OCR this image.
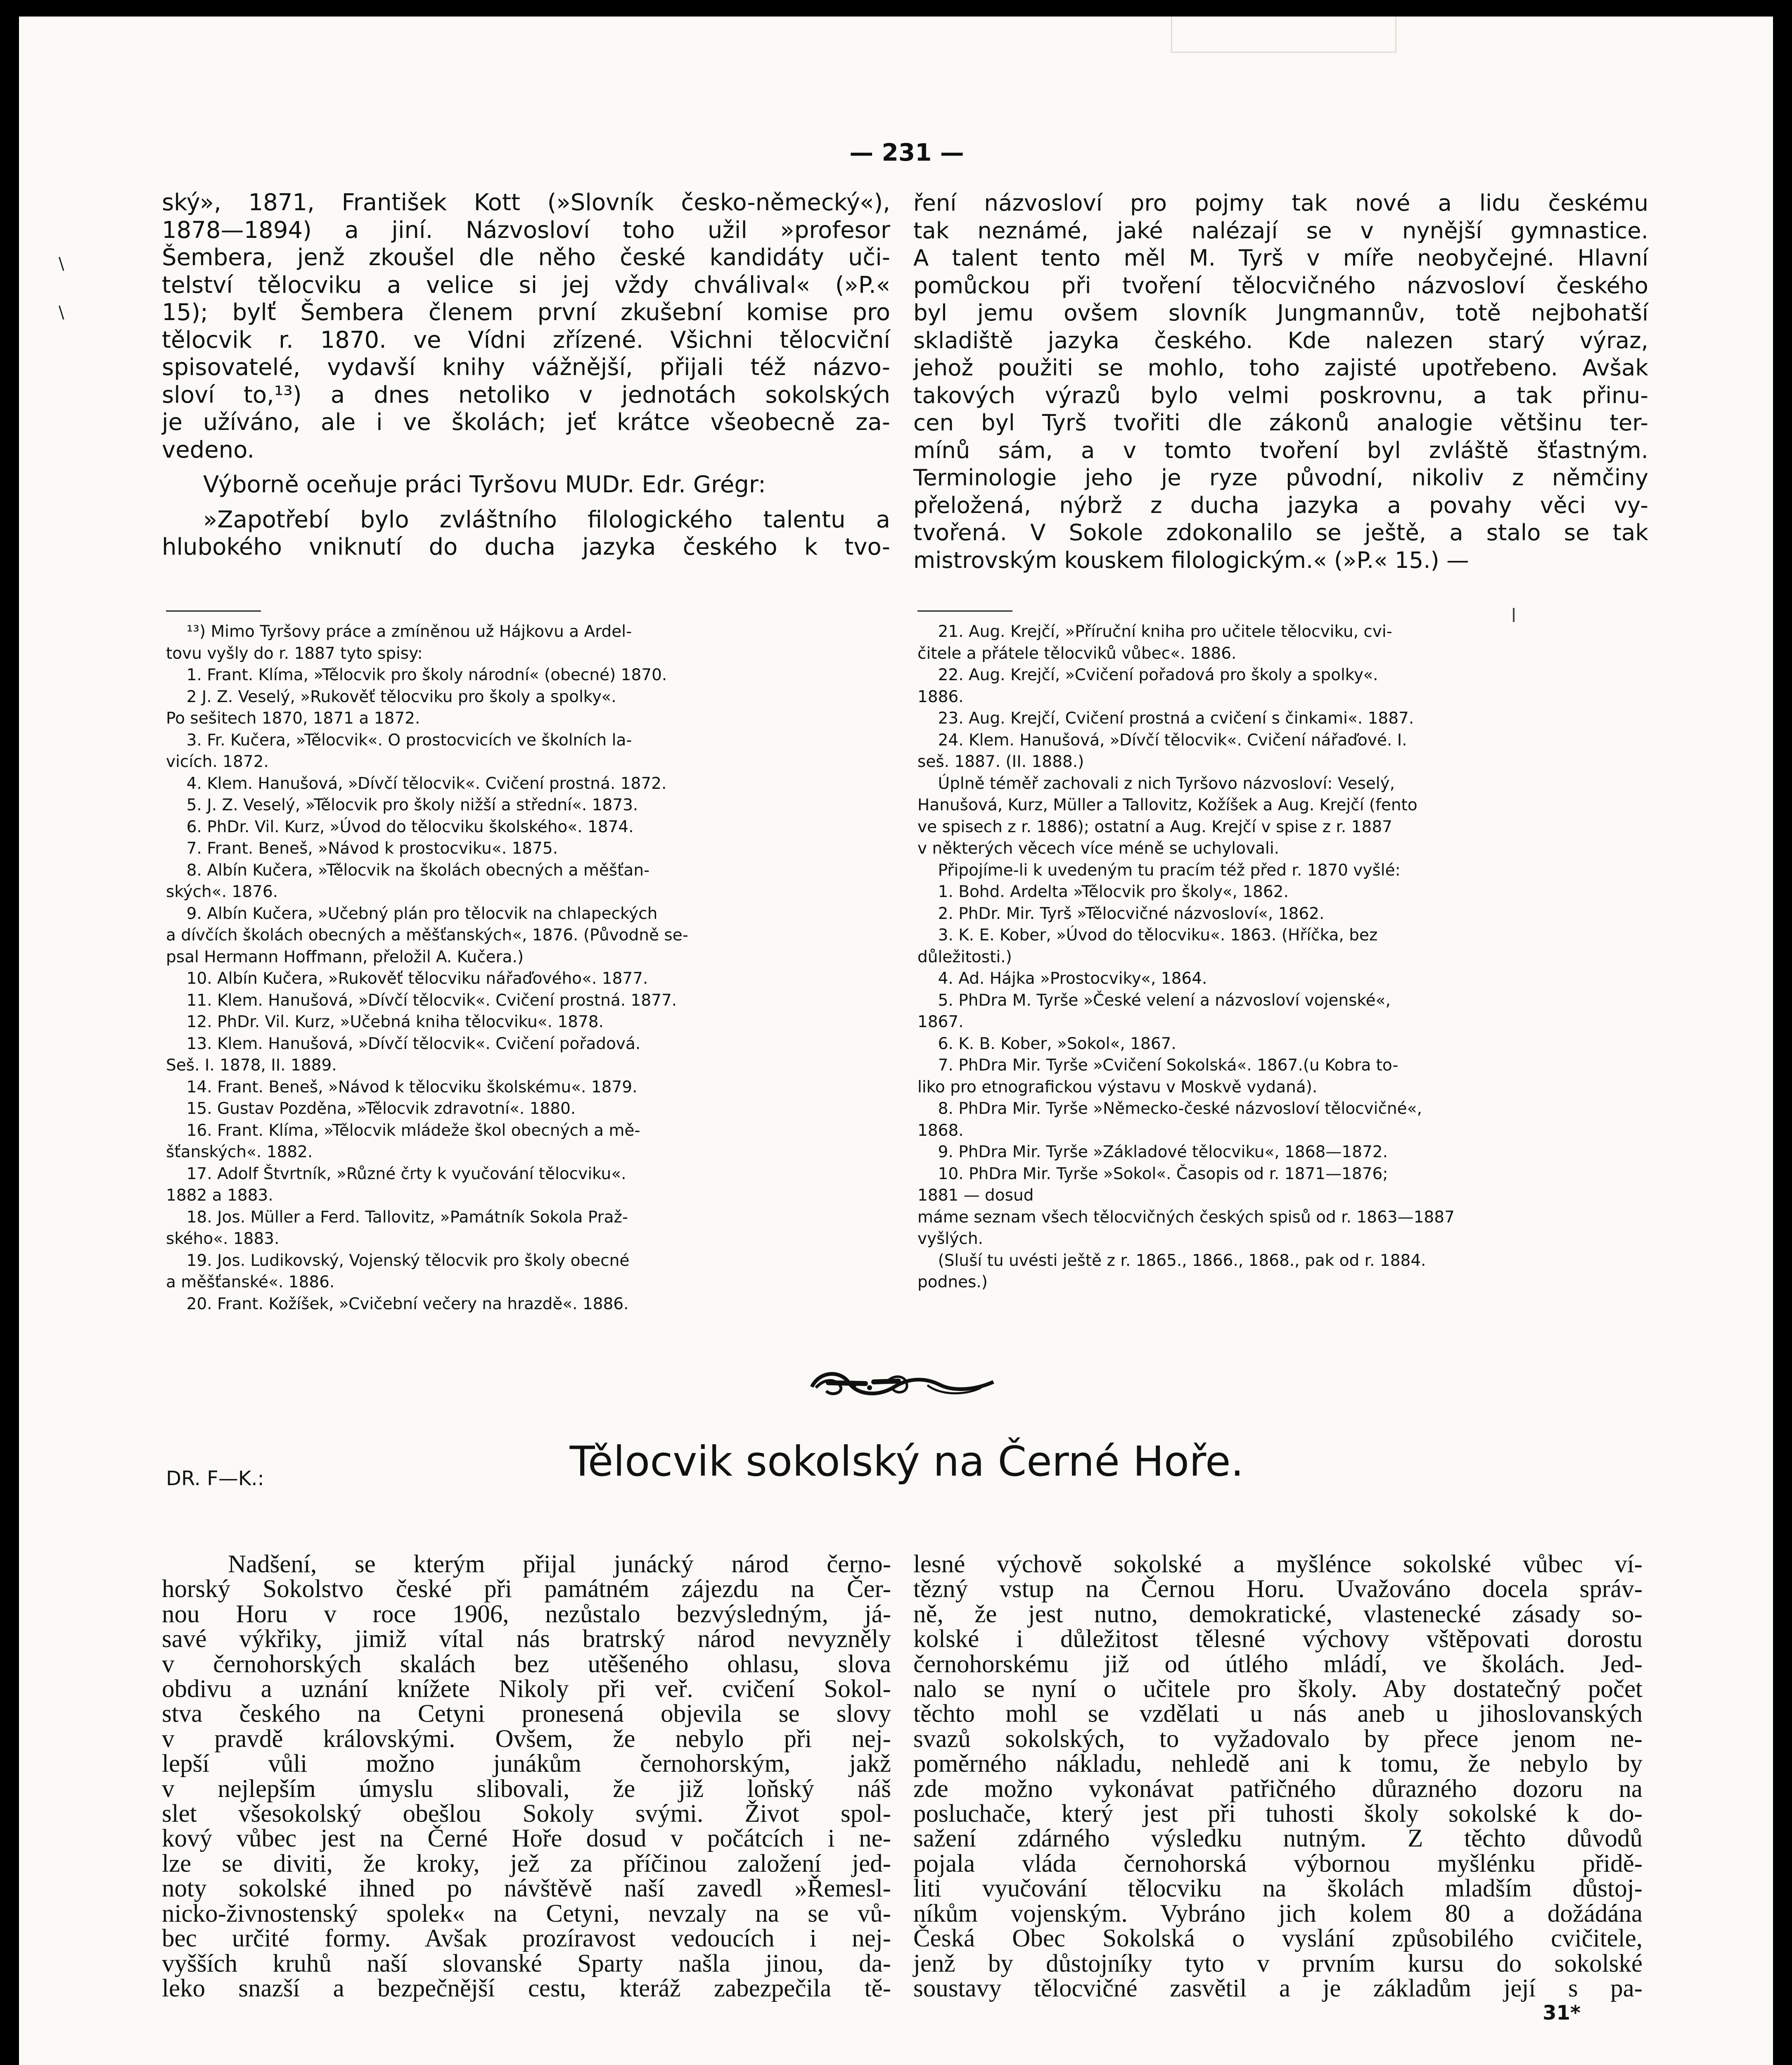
\
\
— 231 —
ský», 1871, František Kott (»Slovník česko-německý«),
1878—1894) a jiní. Názvosloví toho užil »profesor
Šembera, jenž zkoušel dle něho české kandidáty uči-
telství tělocviku a velice si jej vždy chválival« (»P.«
15); bylť Šembera členem první zkušební komise pro
tělocvik r. 1870. ve Vídni zřízené. Všichni tělocviční
spisovatelé, vydavší knihy vážnější, přijali též názvo-
sloví to,¹³) a dnes netoliko v jednotách sokolských
je užíváno, ale i ve školách; jeť krátce všeobecně za-
vedeno.
Výborně oceňuje práci Tyršovu MUDr. Edr. Grégr:
»Zapotřebí bylo zvláštního filologického talentu a
hlubokého vniknutí do ducha jazyka českého k tvo-
ření názvosloví pro pojmy tak nové a lidu českému
tak neznámé, jaké nalézají se v nynější gymnastice.
A talent tento měl M. Tyrš v míře neobyčejné. Hlavní
pomůckou při tvoření tělocvičného názvosloví českého
byl jemu ovšem slovník Jungmannův, totě nejbohatší
skladiště jazyka českého. Kde nalezen starý výraz,
jehož použiti se mohlo, toho zajisté upotřebeno. Avšak
takových výrazů bylo velmi poskrovnu, a tak přinu-
cen byl Tyrš tvořiti dle zákonů analogie většinu ter-
mínů sám, a v tomto tvoření byl zvláště šťastným.
Terminologie jeho je ryze původní, nikoliv z němčiny
přeložená, nýbrž z ducha jazyka a povahy věci vy-
tvořená. V Sokole zdokonalilo se ještě, a stalo se tak
mistrovským kouskem filologickým.« (»P.« 15.) —
¹³) Mimo Tyršovy práce a zmíněnou už Hájkovu a Ardel-
tovu vyšly do r. 1887 tyto spisy:
1. Frant. Klíma, »Tělocvik pro školy národní« (obecné) 1870.
2 J. Z. Veselý, »Rukověť tělocviku pro školy a spolky«.
Po sešitech 1870, 1871 a 1872.
3. Fr. Kučera, »Tělocvik«. O prostocvicích ve školních la-
vicích. 1872.
4. Klem. Hanušová, »Dívčí tělocvik«. Cvičení prostná. 1872.
5. J. Z. Veselý, »Tělocvik pro školy nižší a střední«. 1873.
6. PhDr. Vil. Kurz, »Úvod do tělocviku školského«. 1874.
7. Frant. Beneš, »Návod k prostocviku«. 1875.
8. Albín Kučera, »Tělocvik na školách obecných a měšťan-
ských«. 1876.
9. Albín Kučera, »Učebný plán pro tělocvik na chlapeckých
a dívčích školách obecných a měšťanských«, 1876. (Původně se-
psal Hermann Hoffmann, přeložil A. Kučera.)
10. Albín Kučera, »Rukověť tělocviku nářaďového«. 1877.
11. Klem. Hanušová, »Dívčí tělocvik«. Cvičení prostná. 1877.
12. PhDr. Vil. Kurz, »Učebná kniha tělocviku«. 1878.
13. Klem. Hanušová, »Dívčí tělocvik«. Cvičení pořadová.
Seš. I. 1878, II. 1889.
14. Frant. Beneš, »Návod k tělocviku školskému«. 1879.
15. Gustav Pozděna, »Tělocvik zdravotní«. 1880.
16. Frant. Klíma, »Tělocvik mládeže škol obecných a mě-
šťanských«. 1882.
17. Adolf Štvrtník, »Různé črty k vyučování tělocviku«.
1882 a 1883.
18. Jos. Müller a Ferd. Tallovitz, »Památník Sokola Praž-
ského«. 1883.
19. Jos. Ludikovský, Vojenský tělocvik pro školy obecné
a měšťanské«. 1886.
20. Frant. Kožíšek, »Cvičební večery na hrazdě«. 1886.
21. Aug. Krejčí, »Příruční kniha pro učitele tělocviku, cvi-
čitele a přátele tělocviků vůbec«. 1886.
22. Aug. Krejčí, »Cvičení pořadová pro školy a spolky«.
1886.
23. Aug. Krejčí, Cvičení prostná a cvičení s činkami«. 1887.
24. Klem. Hanušová, »Dívčí tělocvik«. Cvičení nářaďové. I.
seš. 1887. (II. 1888.)
Úplně téměř zachovali z nich Tyršovo názvosloví: Veselý,
Hanušová, Kurz, Müller a Tallovitz, Kožíšek a Aug. Krejčí (fento
ve spisech z r. 1886); ostatní a Aug. Krejčí v spise z r. 1887
v některých věcech více méně se uchylovali.
Připojíme-li k uvedeným tu pracím též před r. 1870 vyšlé:
1. Bohd. Ardelta »Tělocvik pro školy«, 1862.
2. PhDr. Mir. Tyrš »Tělocvičné názvosloví«, 1862.
3. K. E. Kober, »Úvod do tělocviku«. 1863. (Hříčka, bez
důležitosti.)
4. Ad. Hájka »Prostocviky«, 1864.
5. PhDra M. Tyrše »České velení a názvosloví vojenské«,
1867.
6. K. B. Kober, »Sokol«, 1867.
7. PhDra Mir. Tyrše »Cvičení Sokolská«. 1867.(u Kobra to-
liko pro etnografickou výstavu v Moskvě vydaná).
8. PhDra Mir. Tyrše »Německo-české názvosloví tělocvičné«,
1868.
9. PhDra Mir. Tyrše »Základové tělocviku«, 1868—1872.
10. PhDra Mir. Tyrše »Sokol«. Časopis od r. 1871—1876;
1881 — dosud
máme seznam všech tělocvičných českých spisů od r. 1863—1887
vyšlých.
(Sluší tu uvésti ještě z r. 1865., 1866., 1868., pak od r. 1884.
podnes.)
DR. F—K.:	Tělocvik sokolský na Černé Hoře.
Nadšení, se kterým přijal junácký národ černo-
horský Sokolstvo české při památném zájezdu na Čer-
nou Horu v roce 1906, nezůstalo bezvýsledným, já-
savé výkřiky, jimiž vítal nás bratrský národ nevyzněly
v černohorských skalách bez utěšeného ohlasu, slova
obdivu a uznání knížete Nikoly při veř. cvičení Sokol-
stva českého na Cetyni pronesená objevila se slovy
v pravdě královskými. Ovšem, že nebylo při nej-
lepší vůli možno junákům černohorským, jakž
v nejlepším úmyslu slibovali, že již loňský náš
slet všesokolský obešlou Sokoly svými. Život spol-
kový vůbec jest na Černé Hoře dosud v počátcích i ne-
lze se diviti, že kroky, jež za příčinou založení jed-
noty sokolské ihned po návštěvě naší zavedl »Řemesl-
nicko-živnostenský spolek« na Cetyni, nevzaly na se vů-
bec určité formy. Avšak prozíravost vedoucích i nej-
vyšších kruhů naší slovanské Sparty našla jinou, da-
leko snazší a bezpečnější cestu, kteráž zabezpečila tě-
lesné výchově sokolské a myšlénce sokolské vůbec ví-
tězný vstup na Černou Horu. Uvažováno docela správ-
ně, že jest nutno, demokratické, vlastenecké zásady so-
kolské i důležitost tělesné výchovy vštěpovati dorostu
černohorskému již od útlého mládí, ve školách. Jed-
nalo se nyní o učitele pro školy. Aby dostatečný počet
těchto mohl se vzdělati u nás aneb u jihoslovanských
svazů sokolských, to vyžadovalo by přece jenom ne-
poměrného nákladu, nehledě ani k tomu, že nebylo by
zde možno vykonávat patřičného důrazného dozoru na
posluchače, který jest při tuhosti školy sokolské k do-
sažení zdárného výsledku nutným. Z těchto důvodů
pojala vláda černohorská výbornou myšlénku přidě-
liti vyučování tělocviku na školách mladším důstoj-
níkům vojenským. Vybráno jich kolem 80 a dožádána
Česká Obec Sokolská o vyslání způsobilého cvičitele,
jenž by důstojníky tyto v prvním kursu do sokolské
soustavy tělocvičné zasvětil a je základům její s pa-
31*
